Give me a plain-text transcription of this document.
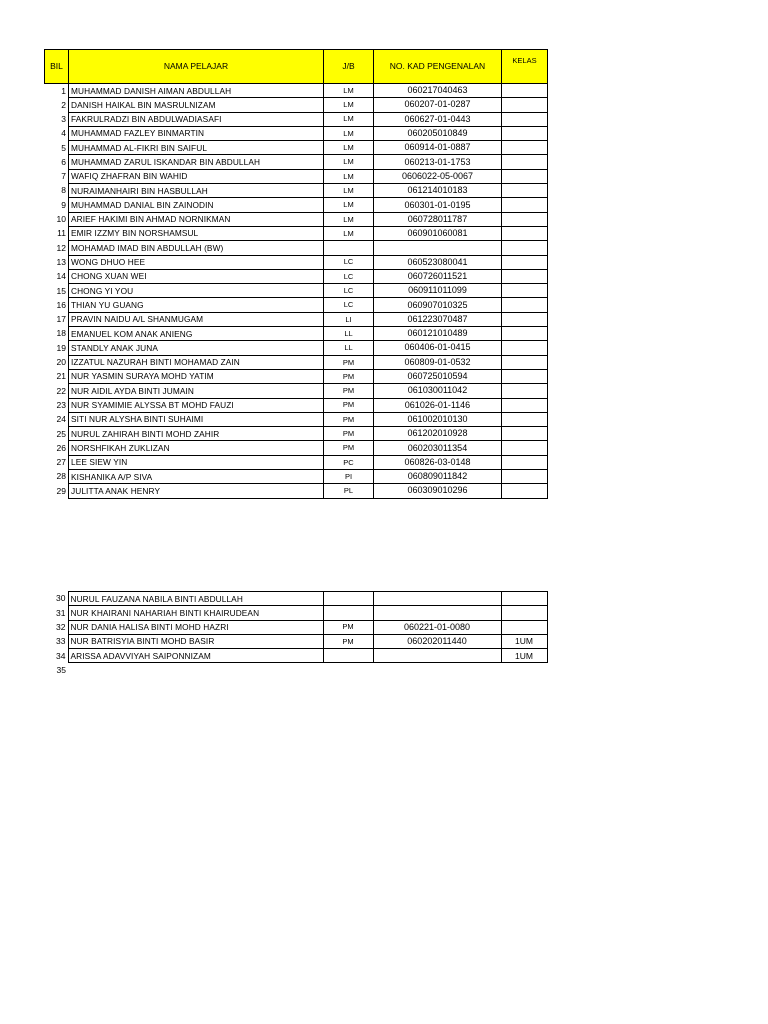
BIL	NAMA PELAJAR	J/B	NO. KAD PENGENALAN	KELAS
1	MUHAMMAD DANISH AIMAN ABDULLAH	LM	060217040463	
2	DANISH HAIKAL BIN MASRULNIZAM	LM	060207-01-0287	
3	FAKRULRADZI BIN ABDULWADIASAFI	LM	060627-01-0443	
4	MUHAMMAD FAZLEY BINMARTIN	LM	060205010849	
5	MUHAMMAD AL-FIKRI BIN SAIFUL	LM	060914-01-0887	
6	MUHAMMAD ZARUL ISKANDAR BIN ABDULLAH	LM	060213-01-1753	
7	WAFIQ ZHAFRAN BIN WAHID	LM	0606022-05-0067	
8	NURAIMANHAIRI BIN HASBULLAH	LM	061214010183	
9	MUHAMMAD DANIAL BIN ZAINODIN	LM	060301-01-0195	
10	ARIEF HAKIMI BIN AHMAD NORNIKMAN	LM	060728011787	
11	EMIR IZZMY BIN NORSHAMSUL	LM	060901060081	
12	MOHAMAD IMAD BIN ABDULLAH (BW)			
13	WONG DHUO HEE	LC	060523080041	
14	CHONG XUAN WEI	LC	060726011521	
15	CHONG YI YOU	LC	060911011099	
16	THIAN YU GUANG	LC	060907010325	
17	PRAVIN NAIDU A/L SHANMUGAM	LI	061223070487	
18	EMANUEL KOM ANAK ANIENG	LL	060121010489	
19	STANDLY ANAK JUNA	LL	060406-01-0415	
20	IZZATUL NAZURAH BINTI MOHAMAD ZAIN	PM	060809-01-0532	
21	NUR YASMIN SURAYA MOHD YATIM	PM	060725010594	
22	NUR AIDIL AYDA BINTI JUMAIN	PM	061030011042	
23	NUR SYAMIMIE ALYSSA BT MOHD FAUZI	PM	061026-01-1146	
24	SITI NUR ALYSHA BINTI SUHAIMI	PM	061002010130	
25	NURUL ZAHIRAH BINTI MOHD ZAHIR	PM	061202010928	
26	NORSHFIKAH ZUKLIZAN	PM	060203011354	
27	LEE SIEW YIN	PC	060826-03-0148	
28	KISHANIKA A/P SIVA	PI	060809011842	
29	JULITTA ANAK HENRY	PL	060309010296	
30	NURUL FAUZANA NABILA BINTI ABDULLAH			
31	NUR KHAIRANI NAHARIAH BINTI KHAIRUDEAN			
32	NUR DANIA HALISA BINTI MOHD HAZRI	PM	060221-01-0080	
33	NUR BATRISYIA BINTI MOHD BASIR	PM	060202011440	1UM
34	ARISSA ADAVVIYAH SAIPONNIZAM			1UM
35				
